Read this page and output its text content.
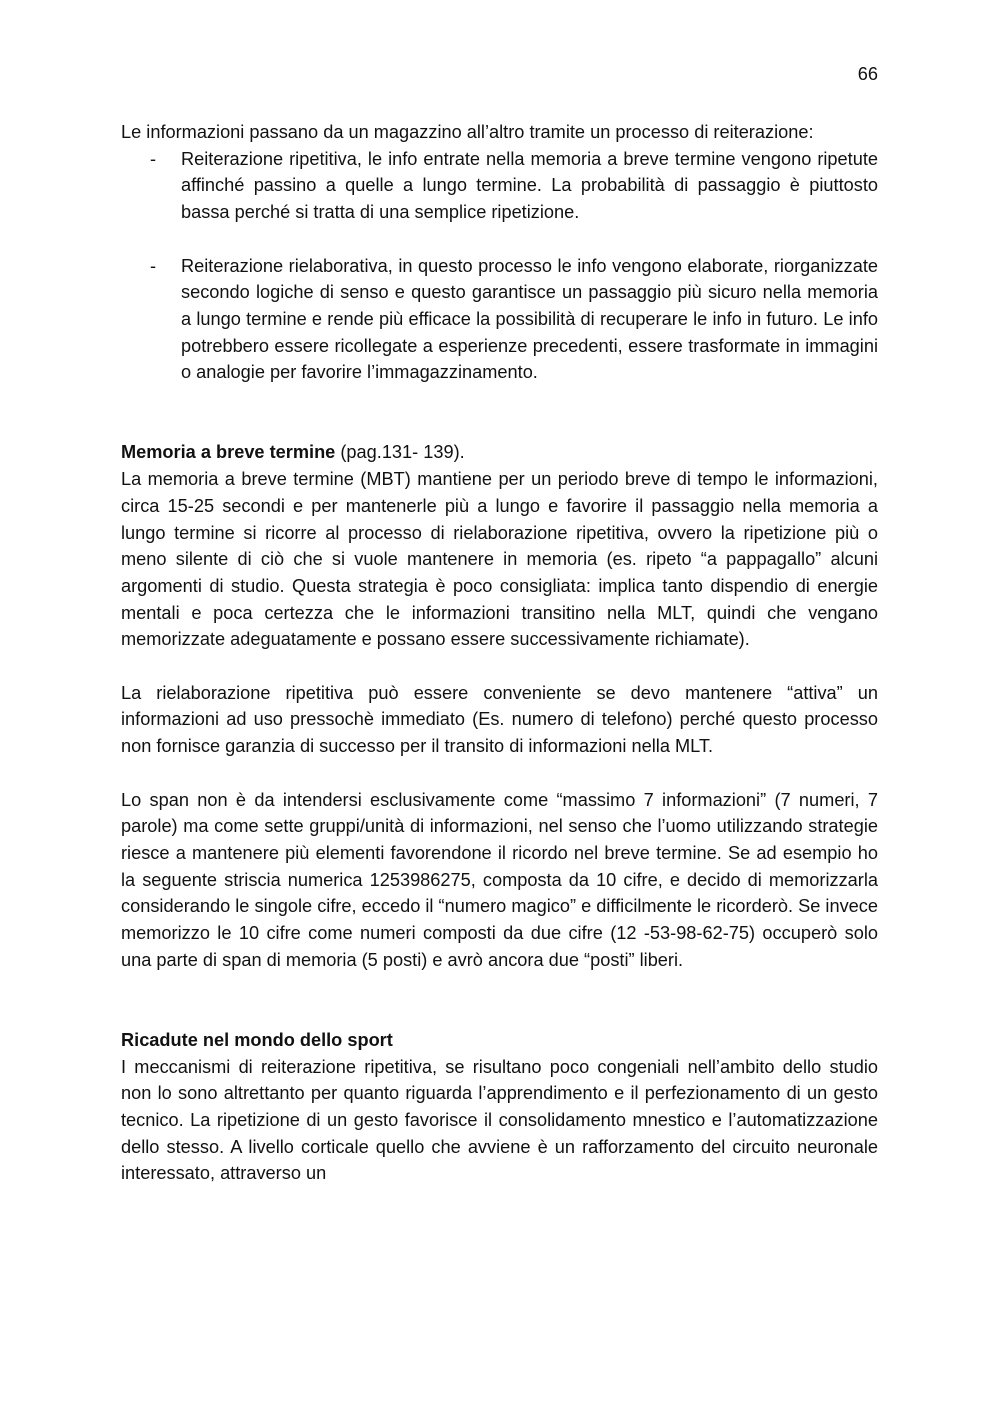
66

Le informazioni passano da un magazzino all’altro tramite un processo di reiterazione:

- Reiterazione ripetitiva, le info entrate nella memoria a breve termine vengono ripetute affinché passino a quelle a lungo termine. La probabilità di passaggio è piuttosto bassa perché si tratta di una semplice ripetizione.
- Reiterazione rielaborativa, in questo processo le info vengono elaborate, riorganizzate secondo logiche di senso e questo garantisce un passaggio più sicuro nella memoria a lungo termine e rende più efficace la possibilità di recuperare le info in futuro. Le info potrebbero essere ricollegate a esperienze precedenti, essere trasformate in immagini o analogie per favorire l’immagazzinamento.

Memoria a breve termine (pag.131- 139).

La memoria a breve termine (MBT) mantiene per un periodo breve di tempo le informazioni, circa 15-25 secondi e per mantenerle più a lungo e favorire il passaggio nella memoria a lungo termine si ricorre al processo di rielaborazione ripetitiva, ovvero la ripetizione più o meno silente di ciò che si vuole mantenere in memoria (es. ripeto “a pappagallo” alcuni argomenti di studio. Questa strategia è poco consigliata: implica tanto dispendio di energie mentali e poca certezza che le informazioni transitino nella MLT, quindi che vengano memorizzate adeguatamente e possano essere successivamente richiamate).

La rielaborazione ripetitiva può essere conveniente se devo mantenere “attiva” un informazioni ad uso pressochè immediato (Es. numero di telefono) perché questo processo non fornisce garanzia di successo per il transito di informazioni nella MLT.

Lo span non è da intendersi esclusivamente come “massimo 7 informazioni” (7 numeri, 7 parole) ma come sette gruppi/unità di informazioni, nel senso che l’uomo utilizzando strategie riesce a mantenere più elementi favorendone il ricordo nel breve termine. Se ad esempio ho la seguente striscia numerica 1253986275, composta da 10 cifre, e decido di memorizzarla considerando le singole cifre, eccedo il “numero magico” e difficilmente le ricorderò. Se invece memorizzo le 10 cifre come numeri composti da due cifre (12 -53-98-62-75) occuperò solo una parte di span di memoria (5 posti) e avrò ancora due “posti” liberi.

Ricadute nel mondo dello sport

I meccanismi di reiterazione ripetitiva, se risultano poco congeniali nell’ambito dello studio non lo sono altrettanto per quanto riguarda l’apprendimento e il perfezionamento di un gesto tecnico. La ripetizione di un gesto favorisce il consolidamento mnestico e l’automatizzazione dello stesso. A livello corticale quello che avviene è un rafforzamento del circuito neuronale interessato, attraverso un
